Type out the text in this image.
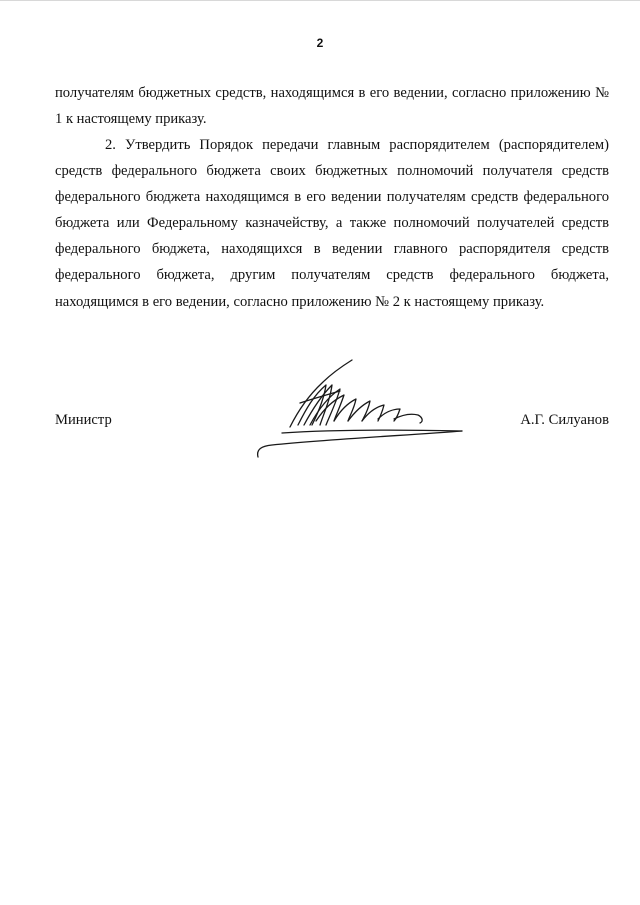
2

получателям бюджетных средств, находящимся в его ведении, согласно приложению № 1 к настоящему приказу.

2. Утвердить Порядок передачи главным распорядителем (распорядителем) средств федерального бюджета своих бюджетных полномочий получателя средств федерального бюджета находящимся в его ведении получателям средств федерального бюджета или Федеральному казначейству, а также полномочий получателей средств федерального бюджета, находящихся в ведении главного распорядителя средств федерального бюджета, другим получателям средств федерального бюджета, находящимся в его ведении, согласно приложению № 2 к настоящему приказу.

Министр	А.Г. Силуанов
